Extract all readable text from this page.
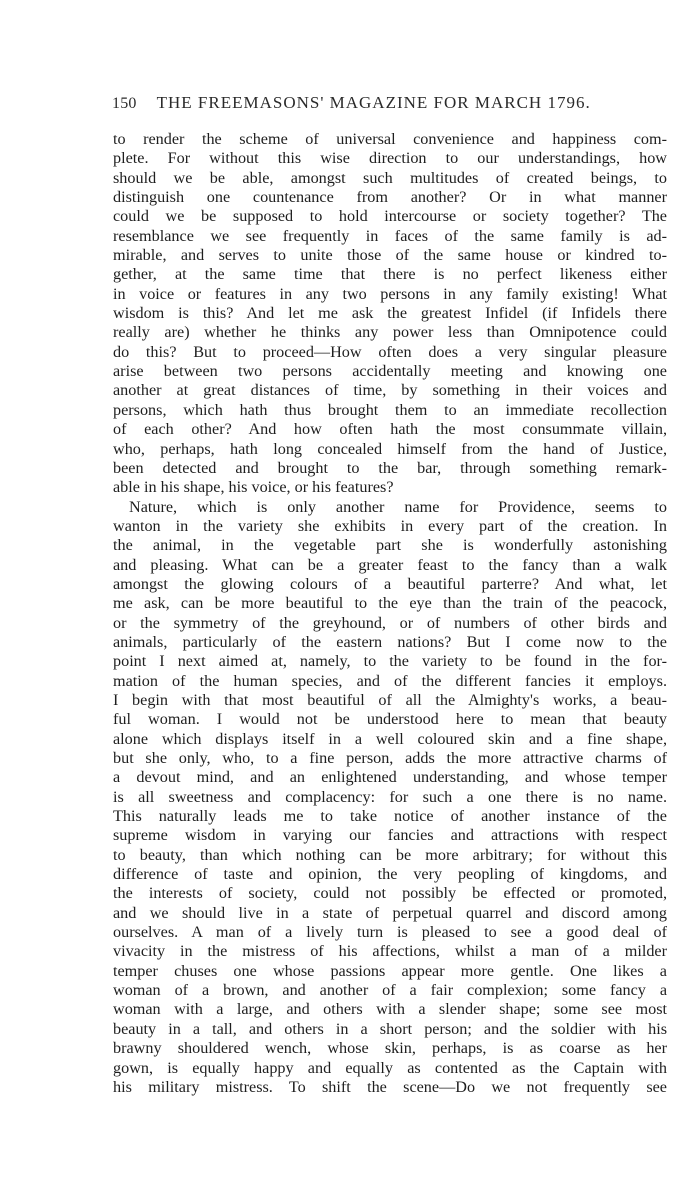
150 THE FREEMASONS' MAGAZINE FOR MARCH 1796.
to render the scheme of universal convenience and happiness com-
plete. For without this wise direction to our understandings, how
should we be able, amongst such multitudes of created beings, to
distinguish one countenance from another? Or in what manner
could we be supposed to hold intercourse or society together? The
resemblance we see frequently in faces of the same family is ad-
mirable, and serves to unite those of the same house or kindred to-
gether, at the same time that there is no perfect likeness either
in voice or features in any two persons in any family existing! What
wisdom is this? And let me ask the greatest Infidel (if Infidels there
really are) whether he thinks any power less than Omnipotence could
do this? But to proceed—How often does a very singular pleasure
arise between two persons accidentally meeting and knowing one
another at great distances of time, by something in their voices and
persons, which hath thus brought them to an immediate recollection
of each other? And how often hath the most consummate villain,
who, perhaps, hath long concealed himself from the hand of Justice,
been detected and brought to the bar, through something remark-
able in his shape, his voice, or his features?
Nature, which is only another name for Providence, seems to
wanton in the variety she exhibits in every part of the creation. In
the animal, in the vegetable part she is wonderfully astonishing
and pleasing. What can be a greater feast to the fancy than a walk
amongst the glowing colours of a beautiful parterre? And what, let
me ask, can be more beautiful to the eye than the train of the peacock,
or the symmetry of the greyhound, or of numbers of other birds and
animals, particularly of the eastern nations? But I come now to the
point I next aimed at, namely, to the variety to be found in the for-
mation of the human species, and of the different fancies it employs.
I begin with that most beautiful of all the Almighty's works, a beau-
ful woman. I would not be understood here to mean that beauty
alone which displays itself in a well coloured skin and a fine shape,
but she only, who, to a fine person, adds the more attractive charms of
a devout mind, and an enlightened understanding, and whose temper
is all sweetness and complacency: for such a one there is no name.
This naturally leads me to take notice of another instance of the
supreme wisdom in varying our fancies and attractions with respect
to beauty, than which nothing can be more arbitrary; for without this
difference of taste and opinion, the very peopling of kingdoms, and
the interests of society, could not possibly be effected or promoted,
and we should live in a state of perpetual quarrel and discord among
ourselves. A man of a lively turn is pleased to see a good deal of
vivacity in the mistress of his affections, whilst a man of a milder
temper chuses one whose passions appear more gentle. One likes a
woman of a brown, and another of a fair complexion; some fancy a
woman with a large, and others with a slender shape; some see most
beauty in a tall, and others in a short person; and the soldier with his
brawny shouldered wench, whose skin, perhaps, is as coarse as her
gown, is equally happy and equally as contented as the Captain with
his military mistress. To shift the scene—Do we not frequently see
